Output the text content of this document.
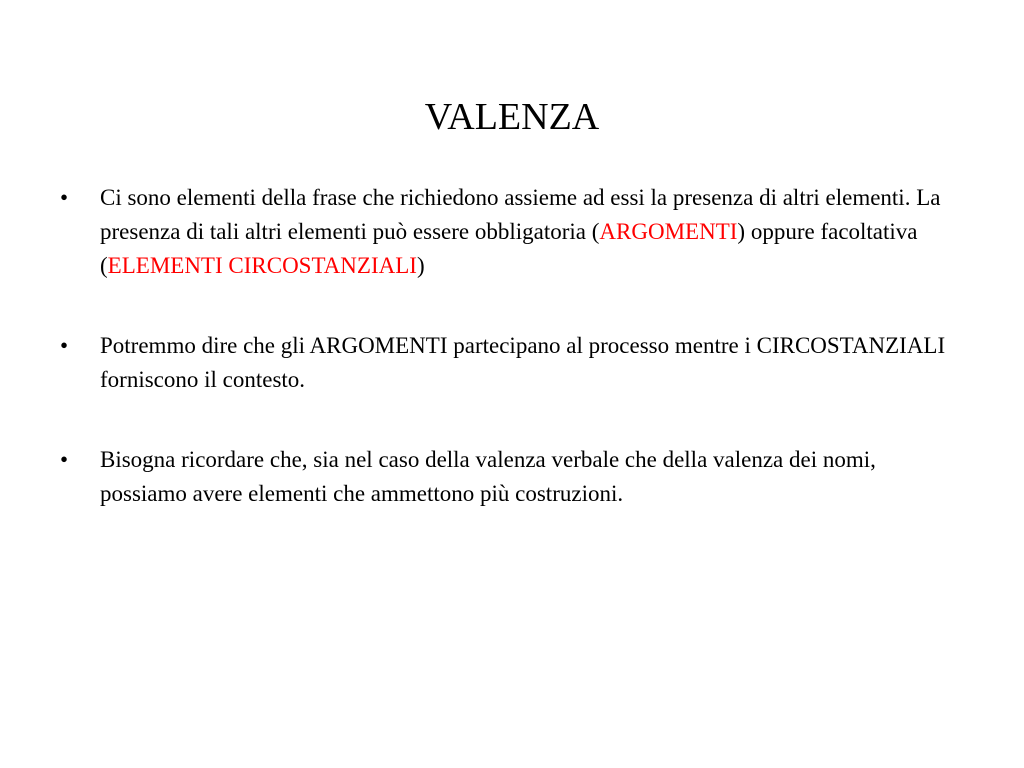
VALENZA
•	Ci sono elementi della frase che richiedono assieme ad essi la presenza di altri elementi. La presenza di tali altri elementi può essere obbligatoria (ARGOMENTI) oppure facoltativa (ELEMENTI CIRCOSTANZIALI)
•	Potremmo dire che gli ARGOMENTI partecipano al processo mentre i CIRCOSTANZIALI forniscono il contesto.
•	Bisogna ricordare che, sia nel caso della valenza verbale che della valenza dei nomi, possiamo avere elementi che ammettono più costruzioni.
